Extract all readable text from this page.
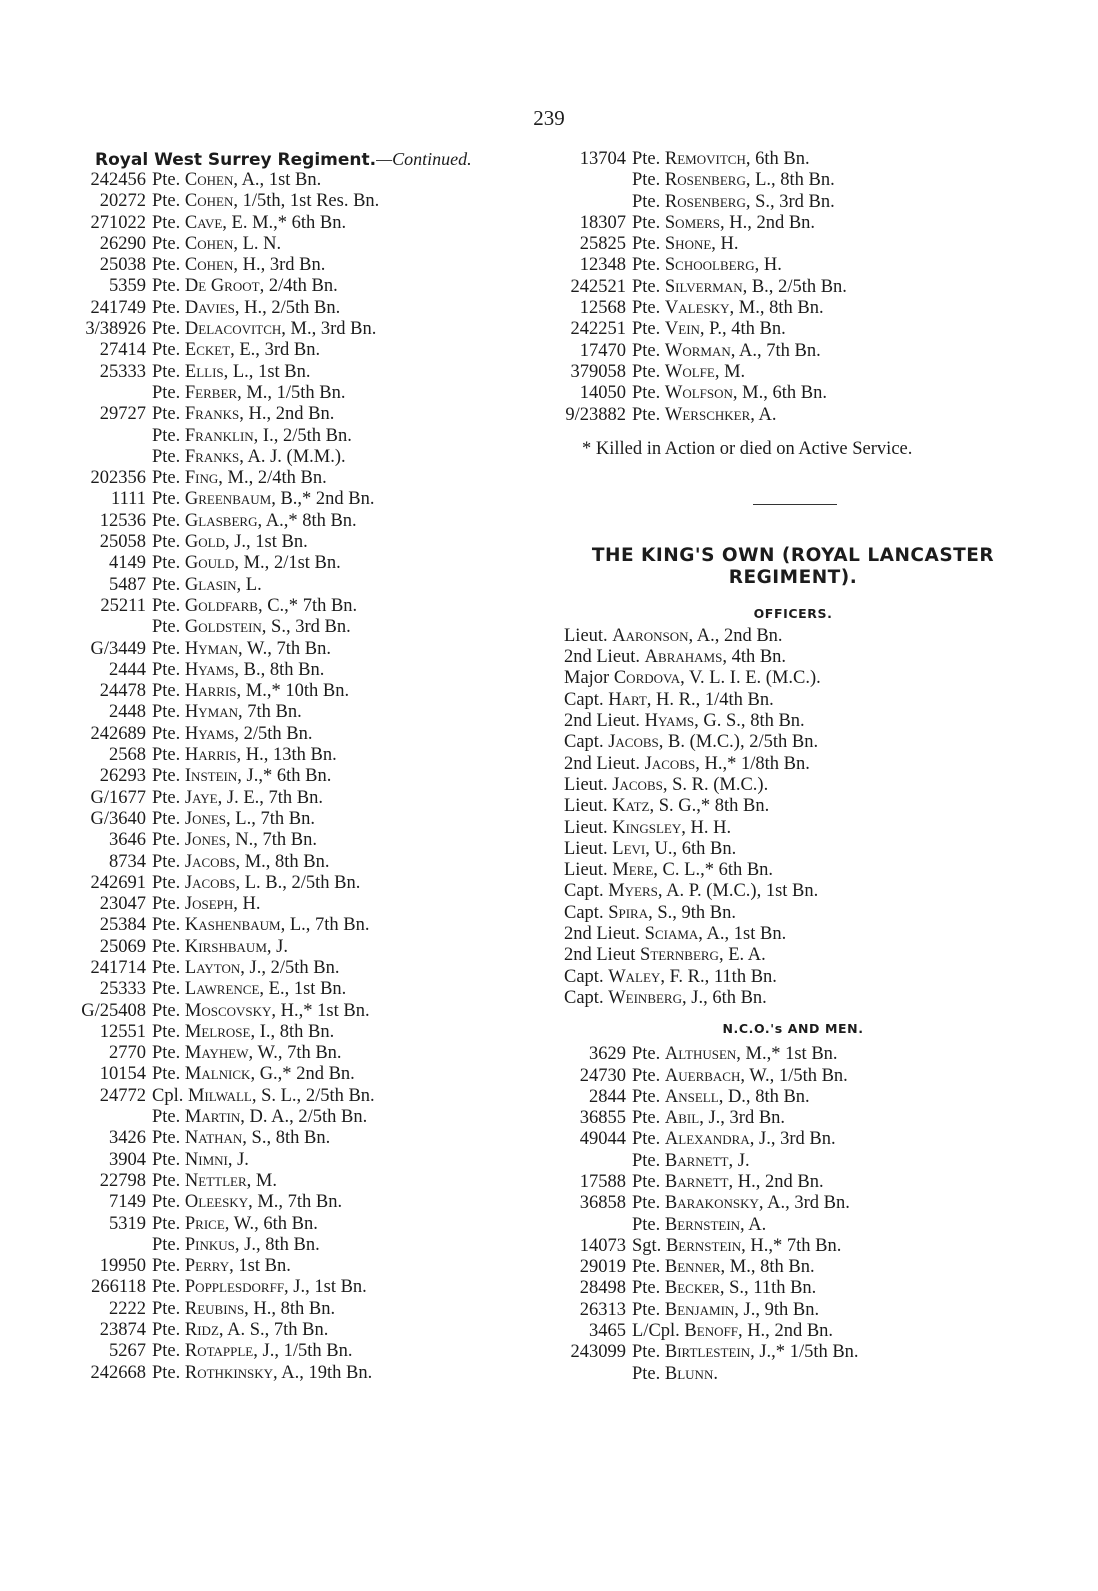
239
Royal West Surrey Regiment.—Continued.
242456 Pte. Cohen, A., 1st Bn.
20272 Pte. Cohen, 1/5th, 1st Res. Bn.
271022 Pte. Cave, E. M.,* 6th Bn.
26290 Pte. Cohen, L. N.
25038 Pte. Cohen, H., 3rd Bn.
5359 Pte. De Groot, 2/4th Bn.
241749 Pte. Davies, H., 2/5th Bn.
3/38926 Pte. Delacovitch, M., 3rd Bn.
27414 Pte. Ecket, E., 3rd Bn.
25333 Pte. Ellis, L., 1st Bn.
Pte. Ferber, M., 1/5th Bn.
29727 Pte. Franks, H., 2nd Bn.
Pte. Franklin, I., 2/5th Bn.
Pte. Franks, A. J. (M.M.).
202356 Pte. Fing, M., 2/4th Bn.
1111 Pte. Greenbaum, B.,* 2nd Bn.
12536 Pte. Glasberg, A.,* 8th Bn.
25058 Pte. Gold, J., 1st Bn.
4149 Pte. Gould, M., 2/1st Bn.
5487 Pte. Glasin, L.
25211 Pte. Goldfarb, C.,* 7th Bn.
Pte. Goldstein, S., 3rd Bn.
G/3449 Pte. Hyman, W., 7th Bn.
2444 Pte. Hyams, B., 8th Bn.
24478 Pte. Harris, M.,* 10th Bn.
2448 Pte. Hyman, 7th Bn.
242689 Pte. Hyams, 2/5th Bn.
2568 Pte. Harris, H., 13th Bn.
26293 Pte. Instein, J.,* 6th Bn.
G/1677 Pte. Jaye, J. E., 7th Bn.
G/3640 Pte. Jones, L., 7th Bn.
3646 Pte. Jones, N., 7th Bn.
8734 Pte. Jacobs, M., 8th Bn.
242691 Pte. Jacobs, L. B., 2/5th Bn.
23047 Pte. Joseph, H.
25384 Pte. Kashenbaum, L., 7th Bn.
25069 Pte. Kirshbaum, J.
241714 Pte. Layton, J., 2/5th Bn.
25333 Pte. Lawrence, E., 1st Bn.
G/25408 Pte. Moscovsky, H.,* 1st Bn.
12551 Pte. Melrose, I., 8th Bn.
2770 Pte. Mayhew, W., 7th Bn.
10154 Pte. Malnick, G.,* 2nd Bn.
24772 Cpl. Milwall, S. L., 2/5th Bn.
Pte. Martin, D. A., 2/5th Bn.
3426 Pte. Nathan, S., 8th Bn.
3904 Pte. Nimni, J.
22798 Pte. Nettler, M.
7149 Pte. Oleesky, M., 7th Bn.
5319 Pte. Price, W., 6th Bn.
Pte. Pinkus, J., 8th Bn.
19950 Pte. Perry, 1st Bn.
266118 Pte. Popplesdorff, J., 1st Bn.
2222 Pte. Reubins, H., 8th Bn.
23874 Pte. Ridz, A. S., 7th Bn.
5267 Pte. Rotapple, J., 1/5th Bn.
242668 Pte. Rothkinsky, A., 19th Bn.
13704 Pte. Removitch, 6th Bn.
Pte. Rosenberg, L., 8th Bn.
Pte. Rosenberg, S., 3rd Bn.
18307 Pte. Somers, H., 2nd Bn.
25825 Pte. Shone, H.
12348 Pte. Schoolberg, H.
242521 Pte. Silverman, B., 2/5th Bn.
12568 Pte. Valesky, M., 8th Bn.
242251 Pte. Vein, P., 4th Bn.
17470 Pte. Worman, A., 7th Bn.
379058 Pte. Wolfe, M.
14050 Pte. Wolfson, M., 6th Bn.
9/23882 Pte. Werschker, A.
* Killed in Action or died on Active Service.
THE KING'S OWN (ROYAL LANCASTER
REGIMENT).
OFFICERS.
Lieut. Aaronson, A., 2nd Bn.
2nd Lieut. Abrahams, 4th Bn.
Major Cordova, V. L. I. E. (M.C.).
Capt. Hart, H. R., 1/4th Bn.
2nd Lieut. Hyams, G. S., 8th Bn.
Capt. Jacobs, B. (M.C.), 2/5th Bn.
2nd Lieut. Jacobs, H.,* 1/8th Bn.
Lieut. Jacobs, S. R. (M.C.).
Lieut. Katz, S. G.,* 8th Bn.
Lieut. Kingsley, H. H.
Lieut. Levi, U., 6th Bn.
Lieut. Mere, C. L.,* 6th Bn.
Capt. Myers, A. P. (M.C.), 1st Bn.
Capt. Spira, S., 9th Bn.
2nd Lieut. Sciama, A., 1st Bn.
2nd Lieut Sternberg, E. A.
Capt. Waley, F. R., 11th Bn.
Capt. Weinberg, J., 6th Bn.
N.C.O.'s AND MEN.
3629 Pte. Althusen, M.,* 1st Bn.
24730 Pte. Auerbach, W., 1/5th Bn.
2844 Pte. Ansell, D., 8th Bn.
36855 Pte. Abil, J., 3rd Bn.
49044 Pte. Alexandra, J., 3rd Bn.
Pte. Barnett, J.
17588 Pte. Barnett, H., 2nd Bn.
36858 Pte. Barakonsky, A., 3rd Bn.
Pte. Bernstein, A.
14073 Sgt. Bernstein, H.,* 7th Bn.
29019 Pte. Benner, M., 8th Bn.
28498 Pte. Becker, S., 11th Bn.
26313 Pte. Benjamin, J., 9th Bn.
3465 L/Cpl. Benoff, H., 2nd Bn.
243099 Pte. Birtlestein, J.,* 1/5th Bn.
Pte. Blunn.
